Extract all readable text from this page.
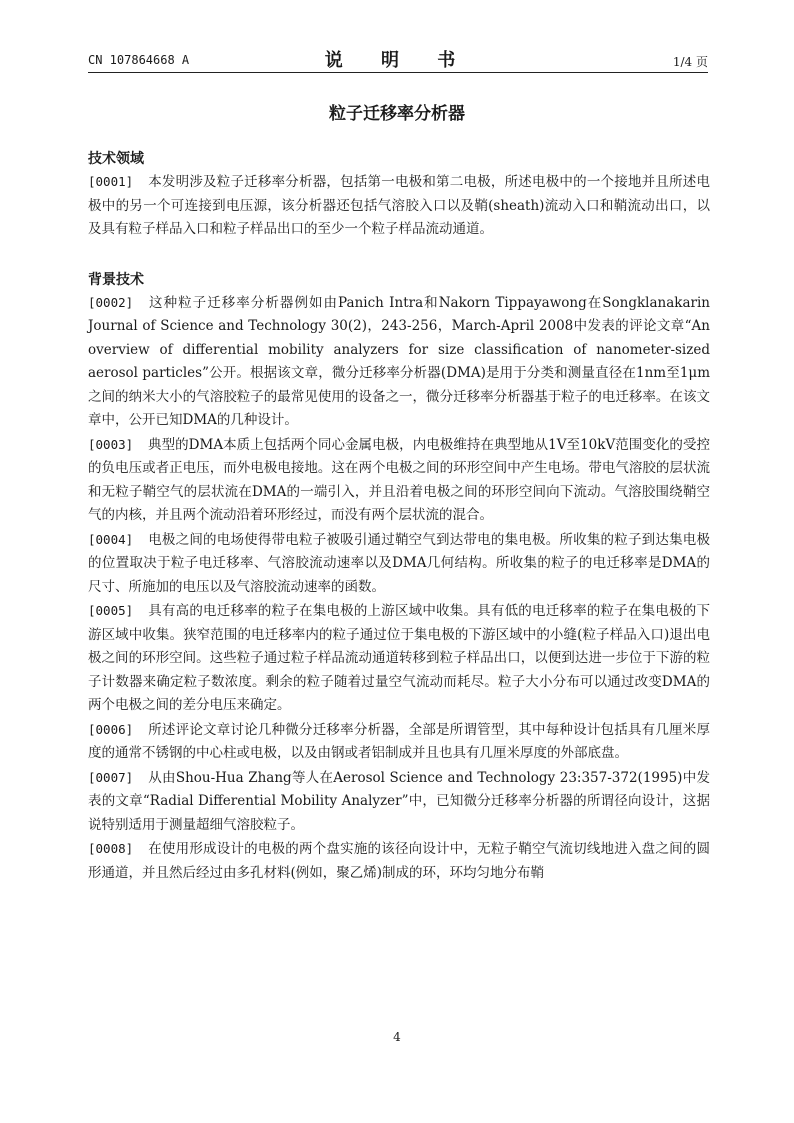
CN 107864668 A	说 明 书	1/4 页
粒子迁移率分析器
技术领域

[0001] 本发明涉及粒子迁移率分析器，包括第一电极和第二电极，所述电极中的一个接地并且所述电极中的另一个可连接到电压源，该分析器还包括气溶胶入口以及鞘(sheath)流动入口和鞘流动出口，以及具有粒子样品入口和粒子样品出口的至少一个粒子样品流动通道。

背景技术

[0002] 这种粒子迁移率分析器例如由Panich Intra和Nakorn Tippayawong在Songklanakarin Journal of Science and Technology 30(2)，243-256，March-April 2008中发表的评论文章“An overview of differential mobility analyzers for size classification of nanometer-sized aerosol particles”公开。根据该文章，微分迁移率分析器(DMA)是用于分类和测量直径在1nm至1μm之间的纳米大小的气溶胶粒子的最常见使用的设备之一，微分迁移率分析器基于粒子的电迁移率。在该文章中，公开已知DMA的几种设计。

[0003] 典型的DMA本质上包括两个同心金属电极，内电极维持在典型地从1V至10kV范围变化的受控的负电压或者正电压，而外电极电接地。这在两个电极之间的环形空间中产生电场。带电气溶胶的层状流和无粒子鞘空气的层状流在DMA的一端引入，并且沿着电极之间的环形空间向下流动。气溶胶围绕鞘空气的内核，并且两个流动沿着环形经过，而没有两个层状流的混合。

[0004] 电极之间的电场使得带电粒子被吸引通过鞘空气到达带电的集电极。所收集的粒子到达集电极的位置取决于粒子电迁移率、气溶胶流动速率以及DMA几何结构。所收集的粒子的电迁移率是DMA的尺寸、所施加的电压以及气溶胶流动速率的函数。

[0005] 具有高的电迁移率的粒子在集电极的上游区域中收集。具有低的电迁移率的粒子在集电极的下游区域中收集。狭窄范围的电迁移率内的粒子通过位于集电极的下游区域中的小缝(粒子样品入口)退出电极之间的环形空间。这些粒子通过粒子样品流动通道转移到粒子样品出口，以便到达进一步位于下游的粒子计数器来确定粒子数浓度。剩余的粒子随着过量空气流动而耗尽。粒子大小分布可以通过改变DMA的两个电极之间的差分电压来确定。

[0006] 所述评论文章讨论几种微分迁移率分析器，全部是所谓管型，其中每种设计包括具有几厘米厚度的通常不锈钢的中心柱或电极，以及由钢或者铝制成并且也具有几厘米厚度的外部底盘。

[0007] 从由Shou-Hua Zhang等人在Aerosol Science and Technology 23:357-372(1995)中发表的文章“Radial Differential Mobility Analyzer”中，已知微分迁移率分析器的所谓径向设计，这据说特别适用于测量超细气溶胶粒子。

[0008] 在使用形成设计的电极的两个盘实施的该径向设计中，无粒子鞘空气流切线地进入盘之间的圆形通道，并且然后经过由多孔材料(例如，聚乙烯)制成的环，环均匀地分布鞘

4
